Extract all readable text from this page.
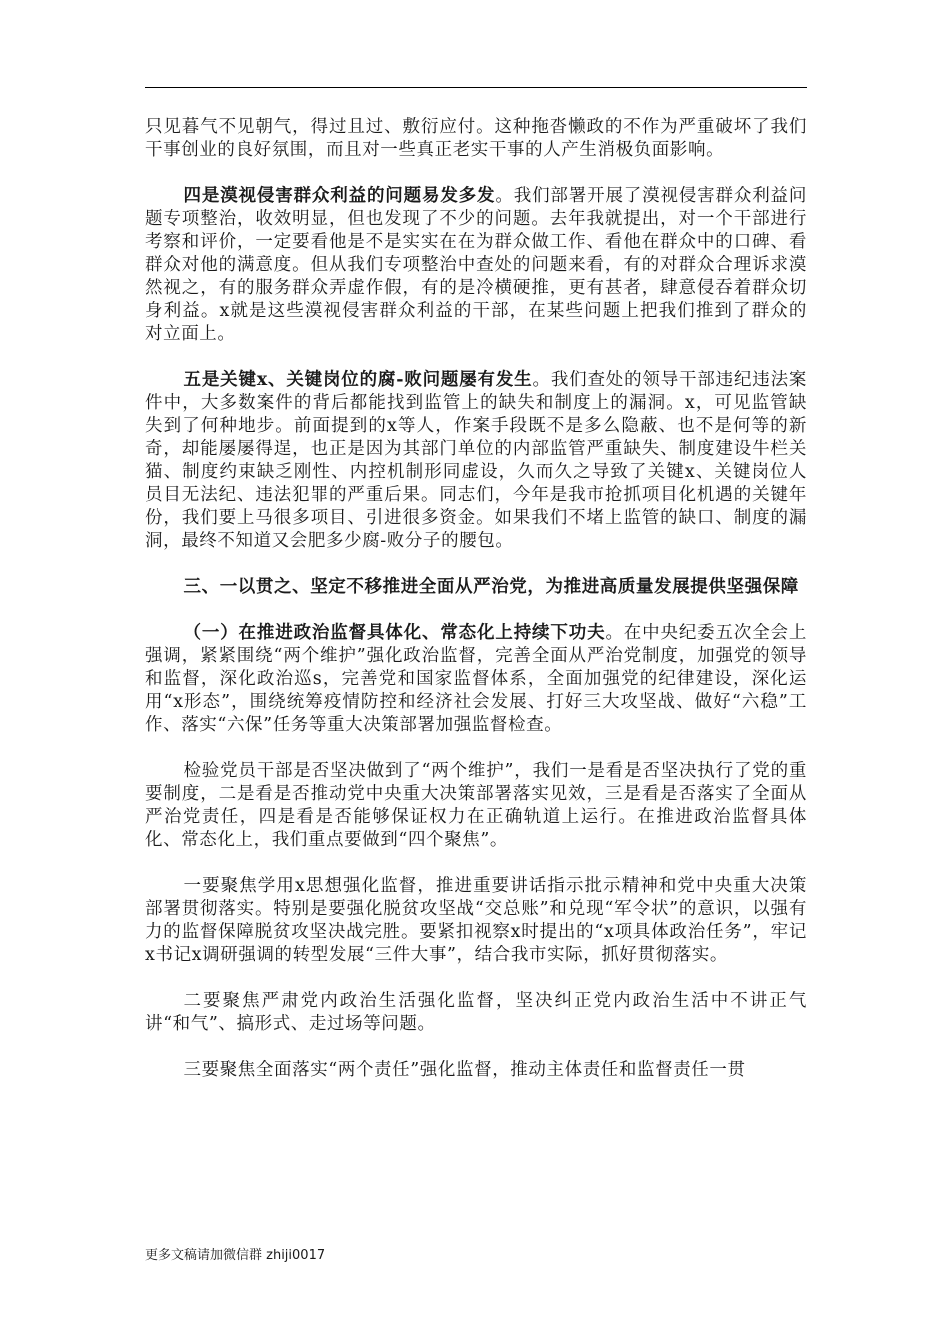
只见暮气不见朝气，得过且过、敷衍应付。这种拖沓懒政的不作为严重破坏了我们干事创业的良好氛围，而且对一些真正老实干事的人产生消极负面影响。

四是漠视侵害群众利益的问题易发多发。我们部署开展了漠视侵害群众利益问题专项整治，收效明显，但也发现了不少的问题。去年我就提出，对一个干部进行考察和评价，一定要看他是不是实实在在为群众做工作、看他在群众中的口碑、看群众对他的满意度。但从我们专项整治中查处的问题来看，有的对群众合理诉求漠然视之，有的服务群众弄虚作假，有的是冷横硬推，更有甚者，肆意侵吞着群众切身利益。x就是这些漠视侵害群众利益的干部，在某些问题上把我们推到了群众的对立面上。

五是关键x、关键岗位的腐-败问题屡有发生。我们查处的领导干部违纪违法案件中，大多数案件的背后都能找到监管上的缺失和制度上的漏洞。x，可见监管缺失到了何种地步。前面提到的x等人，作案手段既不是多么隐蔽、也不是何等的新奇，却能屡屡得逞，也正是因为其部门单位的内部监管严重缺失、制度建设牛栏关猫、制度约束缺乏刚性、内控机制形同虚设，久而久之导致了关键x、关键岗位人员目无法纪、违法犯罪的严重后果。同志们，今年是我市抢抓项目化机遇的关键年份，我们要上马很多项目、引进很多资金。如果我们不堵上监管的缺口、制度的漏洞，最终不知道又会肥多少腐-败分子的腰包。

三、一以贯之、坚定不移推进全面从严治党，为推进高质量发展提供坚强保障

（一）在推进政治监督具体化、常态化上持续下功夫。在中央纪委五次全会上强调，紧紧围绕“两个维护”强化政治监督，完善全面从严治党制度，加强党的领导和监督，深化政治巡s，完善党和国家监督体系，全面加强党的纪律建设，深化运用“x形态”，围绕统筹疫情防控和经济社会发展、打好三大攻坚战、做好“六稳”工作、落实“六保”任务等重大决策部署加强监督检查。

检验党员干部是否坚决做到了“两个维护”，我们一是看是否坚决执行了党的重要制度，二是看是否推动党中央重大决策部署落实见效，三是看是否落实了全面从严治党责任，四是看是否能够保证权力在正确轨道上运行。在推进政治监督具体化、常态化上，我们重点要做到“四个聚焦”。

一要聚焦学用x思想强化监督，推进重要讲话指示批示精神和党中央重大决策部署贯彻落实。特别是要强化脱贫攻坚战“交总账”和兑现“军令状”的意识，以强有力的监督保障脱贫攻坚决战完胜。要紧扣视察x时提出的“x项具体政治任务”，牢记x书记x调研强调的转型发展“三件大事”，结合我市实际，抓好贯彻落实。

二要聚焦严肃党内政治生活强化监督，坚决纠正党内政治生活中不讲正气讲“和气”、搞形式、走过场等问题。

三要聚焦全面落实“两个责任”强化监督，推动主体责任和监督责任一贯

更多文稿请加微信群 zhiji0017
